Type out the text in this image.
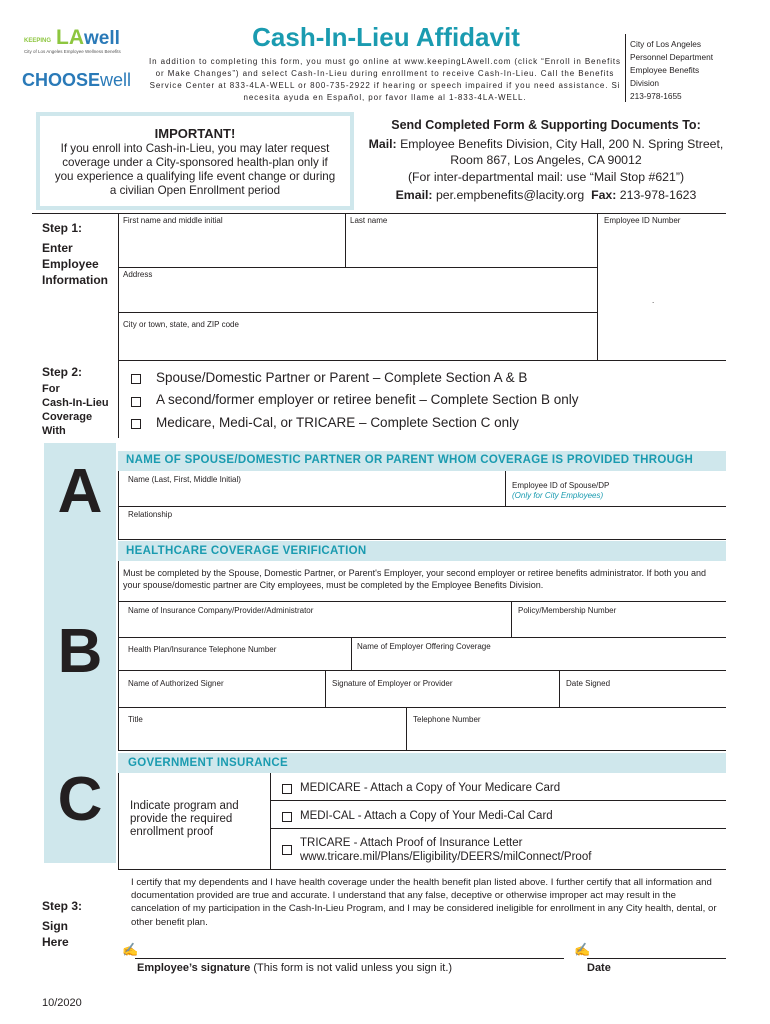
KEEPING LA well
City of Los Angeles Employee Wellness Benefits
CHOOSEwell
Cash-In-Lieu Affidavit
In addition to completing this form, you must go online at www.keepingLAwell.com (click “Enroll in Benefits or Make Changes”) and select Cash-In-Lieu during enrollment to receive Cash-In-Lieu. Call the Benefits Service Center at 833-4LA-WELL or 800-735-2922 if hearing or speech impaired if you need assistance. Si necesita ayuda en Español, por favor llame al 1-833-4LA-WELL.
City of Los Angeles
Personnel Department
Employee Benefits
Division
213-978-1655
IMPORTANT!
If you enroll into Cash-in-Lieu, you may later request coverage under a City-sponsored health-plan only if you experience a qualifying life event change or during a civilian Open Enrollment period
Send Completed Form & Supporting Documents To:
Mail: Employee Benefits Division, City Hall, 200 N. Spring Street, Room 867, Los Angeles, CA 90012
(For inter-departmental mail: use “Mail Stop #621”)
Email: per.empbenefits@lacity.org Fax: 213-978-1623
Step 1:
Enter
Employee
Information
First name and middle initial	Last name	Employee ID Number
Address
.
City or town, state, and ZIP code
Step 2:
For
Cash-In-Lieu
Coverage
With
Spouse/Domestic Partner or Parent – Complete Section A & B
A second/former employer or retiree benefit – Complete Section B only
Medicare, Medi-Cal, or TRICARE – Complete Section C only
A
B
C
NAME OF SPOUSE/DOMESTIC PARTNER OR PARENT WHOM COVERAGE IS PROVIDED THROUGH
Name (Last, First, Middle Initial)
Employee ID of Spouse/DP
(Only for City Employees)
Relationship
HEALTHCARE COVERAGE VERIFICATION
Must be completed by the Spouse, Domestic Partner, or Parent's Employer, your second employer or retiree benefits administrator. If both you and your spouse/domestic partner are City employees, must be completed by the Employee Benefits Division.
Name of Insurance Company/Provider/Administrator	Policy/Membership Number
Health Plan/Insurance Telephone Number	Name of Employer Offering Coverage
Name of Authorized Signer	Signature of Employer or Provider	Date Signed
Title	Telephone Number
GOVERNMENT INSURANCE
Indicate program and provide the required enrollment proof
MEDICARE - Attach a Copy of Your Medicare Card
MEDI-CAL - Attach a Copy of Your Medi-Cal Card
TRICARE - Attach Proof of Insurance Letter
www.tricare.mil/Plans/Eligibility/DEERS/milConnect/Proof
Step 3:
Sign
Here
I certify that my dependents and I have health coverage under the health benefit plan listed above. I further certify that all information and documentation provided are true and accurate. I understand that any false, deceptive or otherwise improper act may result in the cancelation of my participation in the Cash-In-Lieu Program, and I may be considered ineligible for enrollment in any City health, dental, or other benefit plan.
✍	✍
Employee’s signature (This form is not valid unless you sign it.)	Date
10/2020
